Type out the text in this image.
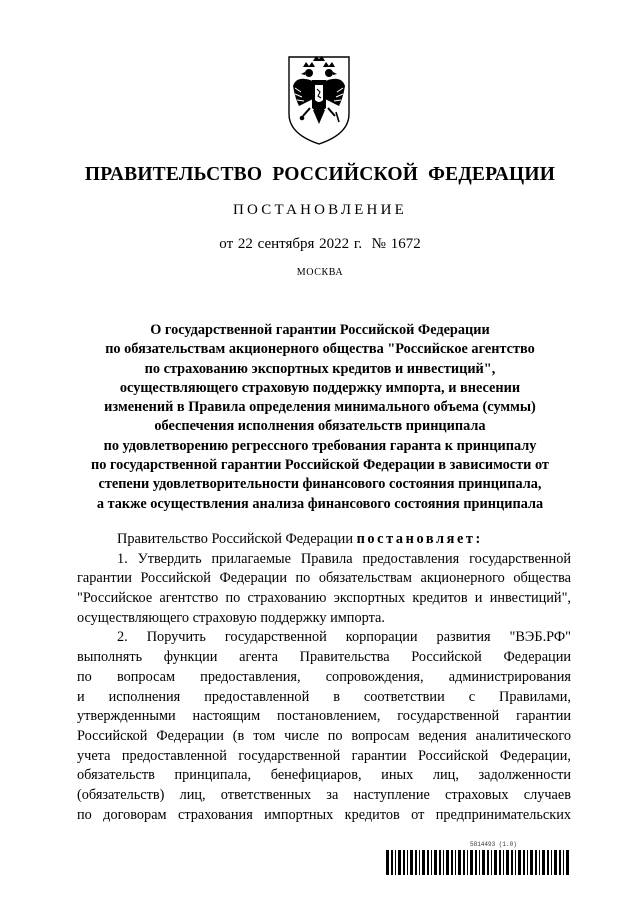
ПРАВИТЕЛЬСТВО РОССИЙСКОЙ ФЕДЕРАЦИИ
ПОСТАНОВЛЕНИЕ
от 22 сентября 2022 г.  № 1672
МОСКВА
О государственной гарантии Российской Федерации
по обязательствам акционерного общества "Российское агентство
по страхованию экспортных кредитов и инвестиций",
осуществляющего страховую поддержку импорта, и внесении
изменений в Правила определения минимального объема (суммы)
обеспечения исполнения обязательств принципала
по удовлетворению регрессного требования гаранта к принципалу
по государственной гарантии Российской Федерации в зависимости от
степени удовлетворительности финансового состояния принципала,
а также осуществления анализа финансового состояния принципала
Правительство Российской Федерации постановляет:
1. Утвердить прилагаемые Правила предоставления государственной
гарантии Российской Федерации по обязательствам акционерного общества
"Российское агентство по страхованию экспортных кредитов и инвестиций",
осуществляющего страховую поддержку импорта.
2. Поручить государственной корпорации развития "ВЭБ.РФ"
выполнять функции агента Правительства Российской Федерации
по вопросам предоставления, сопровождения, администрирования
и исполнения предоставленной в соответствии с Правилами,
утвержденными настоящим постановлением, государственной гарантии
Российской Федерации (в том числе по вопросам ведения аналитического
учета предоставленной государственной гарантии Российской Федерации,
обязательств принципала, бенефициаров, иных лиц, задолженности
(обязательств) лиц, ответственных за наступление страховых случаев
по договорам страхования импортных кредитов от предпринимательских
5814493 (1.0)
